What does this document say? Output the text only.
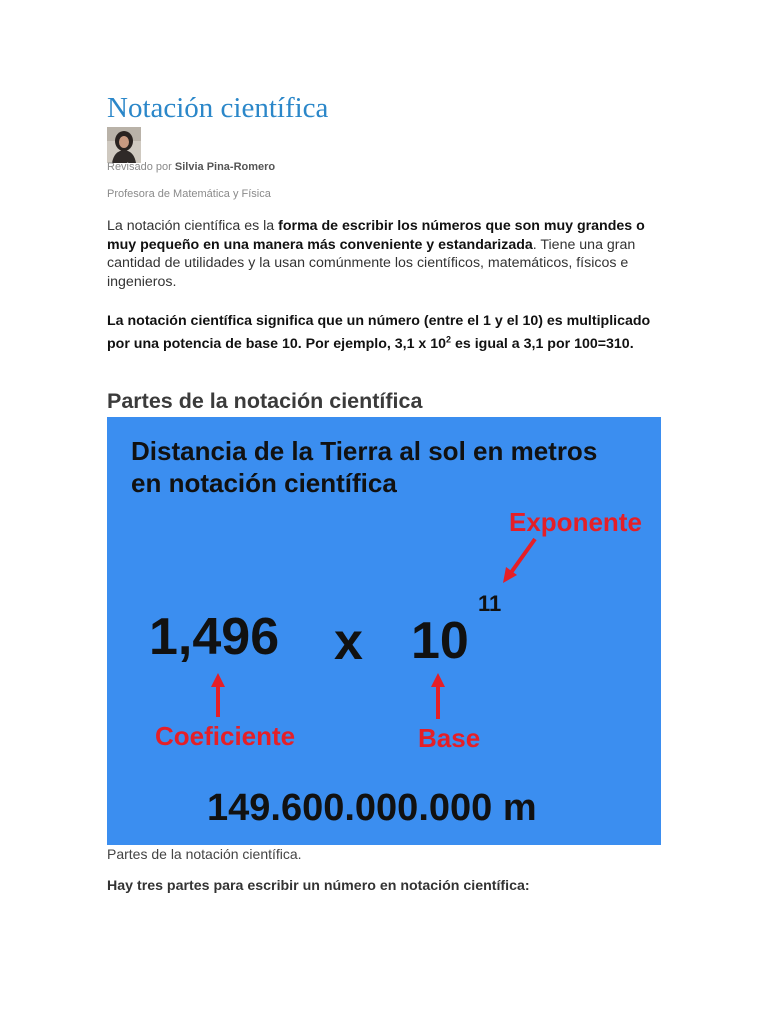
Notación científica
Revisado por Silvia Pina-Romero
Profesora de Matemática y Física

La notación científica es la forma de escribir los números que son muy grandes o muy pequeño en una manera más conveniente y estandarizada. Tiene una gran cantidad de utilidades y la usan comúnmente los científicos, matemáticos, físicos e ingenieros.

La notación científica significa que un número (entre el 1 y el 10) es multiplicado por una potencia de base 10. Por ejemplo, 3,1 x $10^2$ es igual a 3,1 por 100=310.

Partes de la notación científica
Partes de la notación científica.
Hay tres partes para escribir un número en notación científica:
Distancia de la Tierra al sol en metros
en notación científica
Exponente
1,496 x 10
11
Coeficiente	Base
149.600.000.000 m
